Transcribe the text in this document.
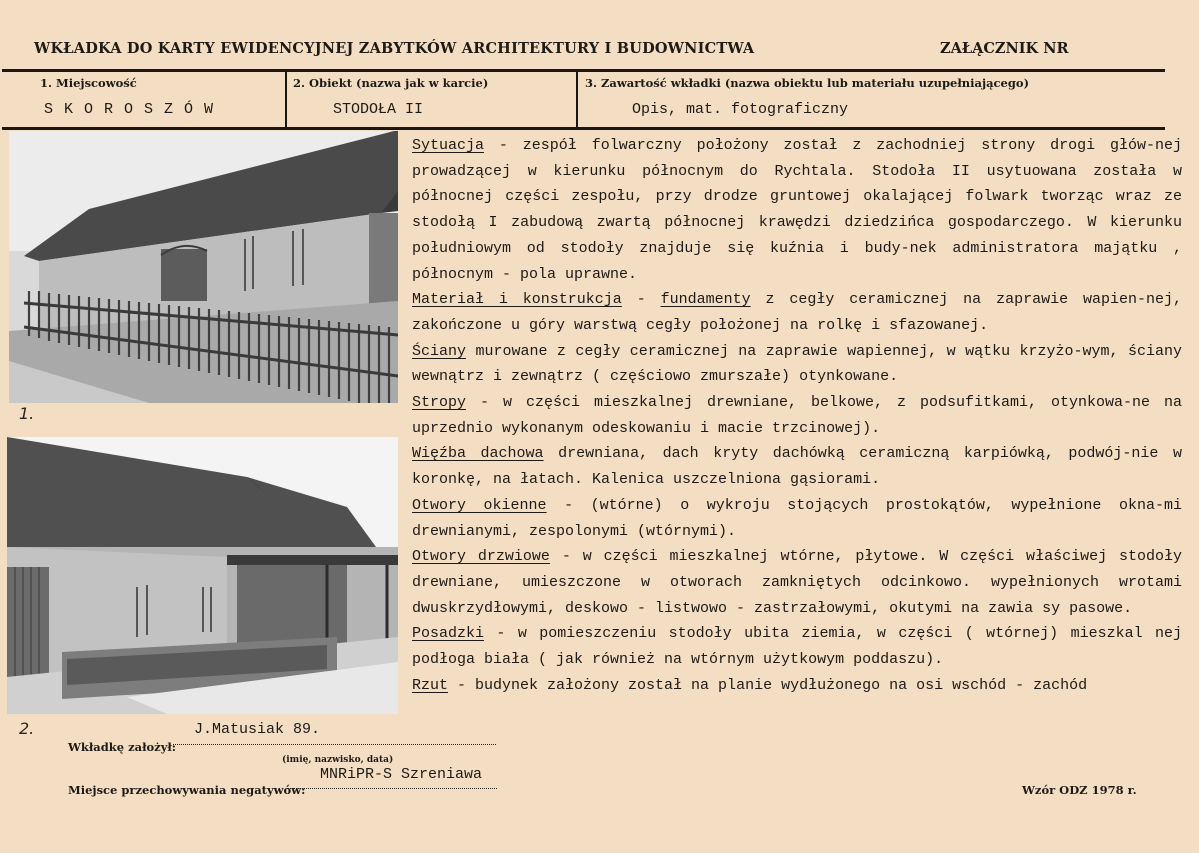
WKŁADKA DO KARTY EWIDENCYJNEJ ZABYTKÓW ARCHITEKTURY I BUDOWNICTWA	ZAŁĄCZNIK NR
1. Miejscowość
S K O R O S Z Ó W
2. Obiekt (nazwa jak w karcie)
STODOŁA II
3. Zawartość wkładki (nazwa obiektu lub materiału uzupełniającego)
Opis, mat. fotograficzny
1.
2.

Sytuacja - zespół folwarczny położony został z zachodniej strony drogi głów-nej prowadzącej w kierunku północnym do Rychtala. Stodoła II usytuowana została w północnej części zespołu, przy drodze gruntowej okalającej folwark tworząc wraz ze stodołą I zabudową zwartą północnej krawędzi dziedzińca gospodarczego. W kierunku południowym od stodoły znajduje się kuźnia i budy-nek administratora majątku , północnym - pola uprawne.

Materiał i konstrukcja - fundamenty z cegły ceramicznej na zaprawie wapien-nej, zakończone u góry warstwą cegły położonej na rolkę i sfazowanej.

Ściany murowane z cegły ceramicznej na zaprawie wapiennej, w wątku krzyżo-wym, ściany wewnątrz i zewnątrz ( częściowo zmurszałe) otynkowane.

Stropy - w części mieszkalnej drewniane, belkowe, z podsufitkami, otynkowa-ne na uprzednio wykonanym odeskowaniu i macie trzcinowej).

Więźba dachowa drewniana, dach kryty dachówką ceramiczną karpiówką, podwój-nie w koronkę, na łatach. Kalenica uszczelniona gąsiorami.

Otwory okienne - (wtórne) o wykroju stojących prostokątów, wypełnione okna-mi drewnianymi, zespolonymi (wtórnymi).

Otwory drzwiowe - w części mieszkalnej wtórne, płytowe. W części właściwej stodoły drewniane, umieszczone w otworach zamkniętych odcinkowo. wypełnionych wrotami dwuskrzydłowymi, deskowo - listwowo - zastrzałowymi, okutymi na zawia sy pasowe.

Posadzki - w pomieszczeniu stodoły ubita ziemia, w części ( wtórnej) mieszkal nej podłoga biała ( jak również na wtórnym użytkowym poddaszu).

Rzut - budynek założony został na planie wydłużonego na osi wschód - zachód

J.Matusiak 89.
Wkładkę założył:
(imię, nazwisko, data)
MNRiPR-S Szreniawa
Miejsce przechowywania negatywów:	Wzór ODZ 1978 r.
